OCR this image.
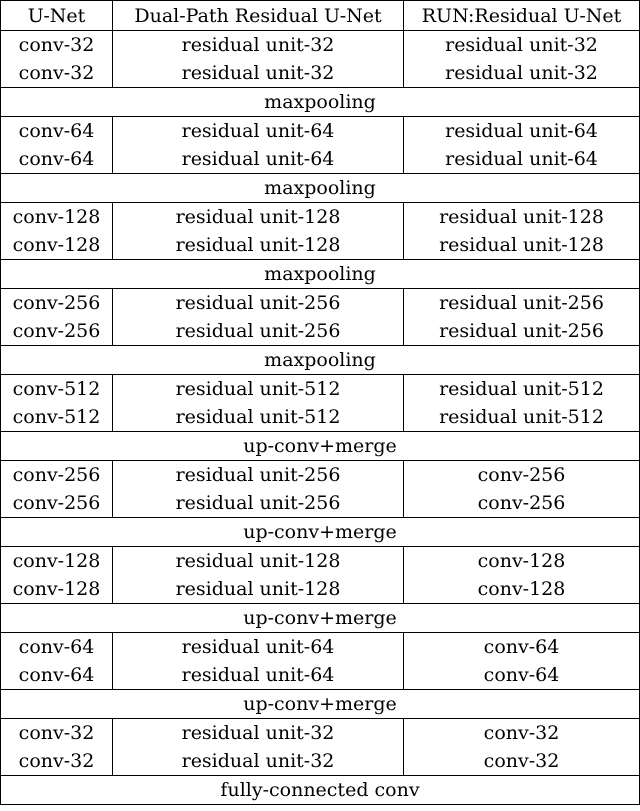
U-Net	Dual-Path Residual U-Net	RUN:Residual U-Net
conv-32	residual unit-32	residual unit-32
conv-32	residual unit-32	residual unit-32
maxpooling		
conv-64	residual unit-64	residual unit-64
conv-64	residual unit-64	residual unit-64
maxpooling		
conv-128	residual unit-128	residual unit-128
conv-128	residual unit-128	residual unit-128
maxpooling		
conv-256	residual unit-256	residual unit-256
conv-256	residual unit-256	residual unit-256
maxpooling		
conv-512	residual unit-512	residual unit-512
conv-512	residual unit-512	residual unit-512
up-conv+merge		
conv-256	residual unit-256	conv-256
conv-256	residual unit-256	conv-256
up-conv+merge		
conv-128	residual unit-128	conv-128
conv-128	residual unit-128	conv-128
up-conv+merge		
conv-64	residual unit-64	conv-64
conv-64	residual unit-64	conv-64
up-conv+merge		
conv-32	residual unit-32	conv-32
conv-32	residual unit-32	conv-32
fully-connected conv		
